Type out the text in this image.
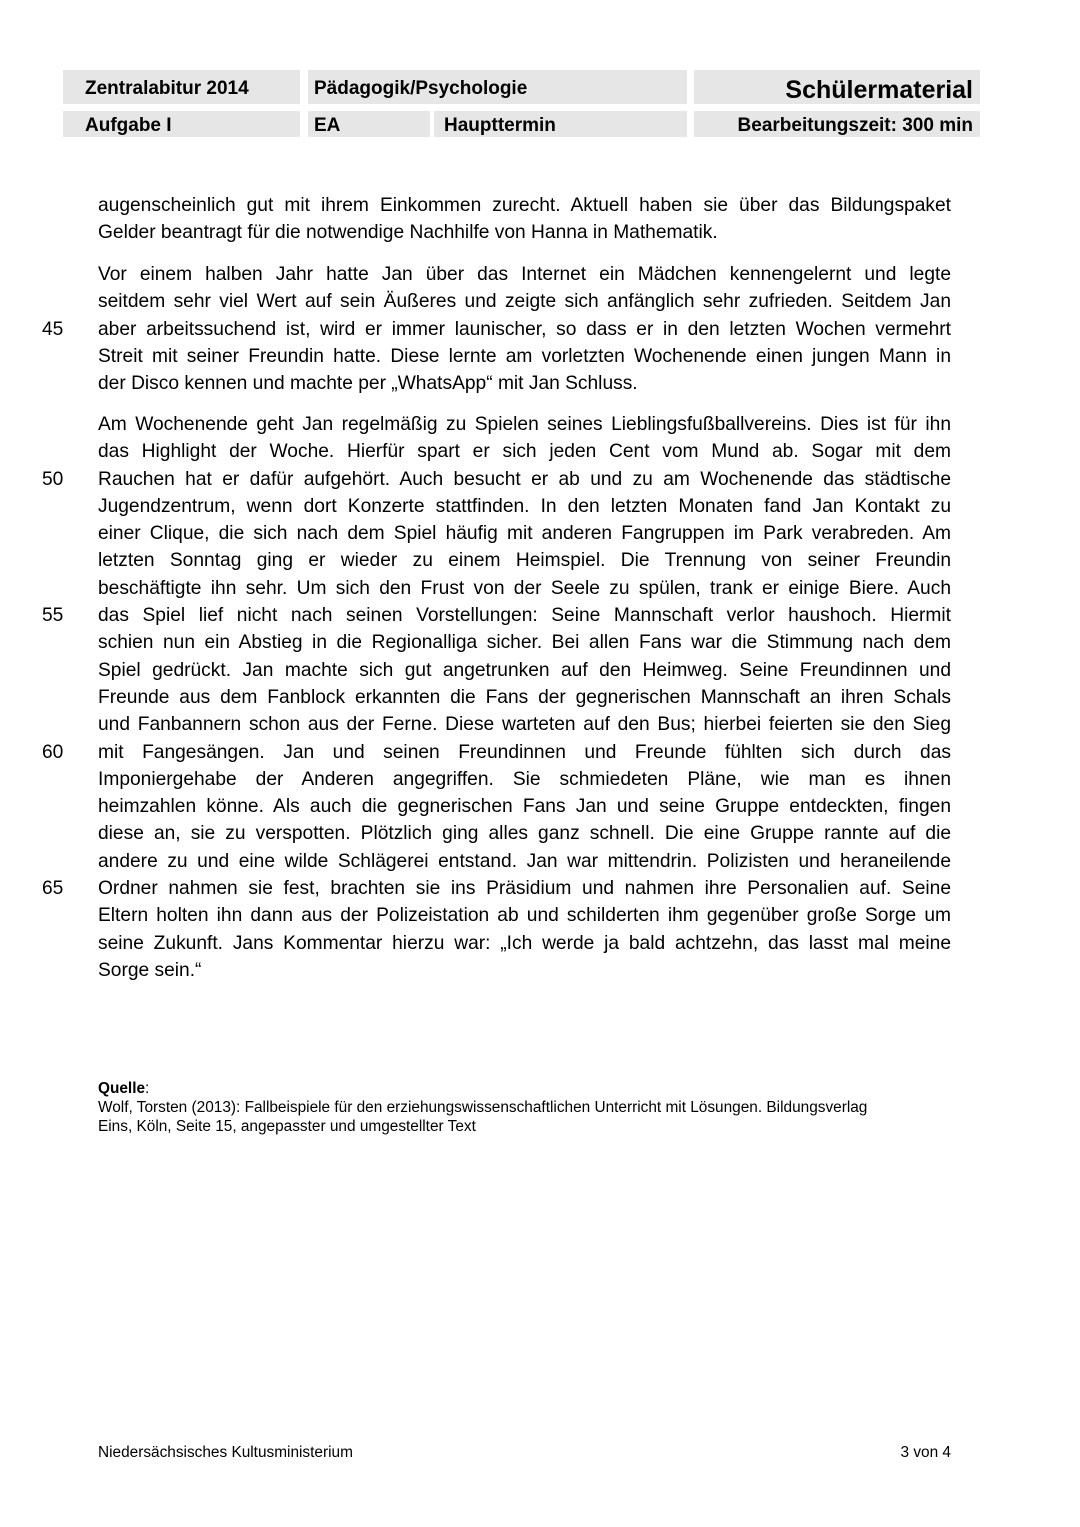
Zentralabitur 2014	Pädagogik/Psychologie	Schülermaterial
Aufgabe I	EA	Haupttermin	Bearbeitungszeit: 300 min
augenscheinlich gut mit ihrem Einkommen zurecht. Aktuell haben sie über das Bildungspaket
Gelder beantragt für die notwendige Nachhilfe von Hanna in Mathematik.
Vor einem halben Jahr hatte Jan über das Internet ein Mädchen kennengelernt und legte
seitdem sehr viel Wert auf sein Äußeres und zeigte sich anfänglich sehr zufrieden. Seitdem Jan
aber arbeitssuchend ist, wird er immer launischer, so dass er in den letzten Wochen vermehrt
Streit mit seiner Freundin hatte. Diese lernte am vorletzten Wochenende einen jungen Mann in
der Disco kennen und machte per „WhatsApp“ mit Jan Schluss.
Am Wochenende geht Jan regelmäßig zu Spielen seines Lieblingsfußballvereins. Dies ist für ihn
das Highlight der Woche. Hierfür spart er sich jeden Cent vom Mund ab. Sogar mit dem
Rauchen hat er dafür aufgehört. Auch besucht er ab und zu am Wochenende das städtische
Jugendzentrum, wenn dort Konzerte stattfinden. In den letzten Monaten fand Jan Kontakt zu
einer Clique, die sich nach dem Spiel häufig mit anderen Fangruppen im Park verabreden. Am
letzten Sonntag ging er wieder zu einem Heimspiel. Die Trennung von seiner Freundin
beschäftigte ihn sehr. Um sich den Frust von der Seele zu spülen, trank er einige Biere. Auch
das Spiel lief nicht nach seinen Vorstellungen: Seine Mannschaft verlor haushoch. Hiermit
schien nun ein Abstieg in die Regionalliga sicher. Bei allen Fans war die Stimmung nach dem
Spiel gedrückt. Jan machte sich gut angetrunken auf den Heimweg. Seine Freundinnen und
Freunde aus dem Fanblock erkannten die Fans der gegnerischen Mannschaft an ihren Schals
und Fanbannern schon aus der Ferne. Diese warteten auf den Bus; hierbei feierten sie den Sieg
mit Fangesängen. Jan und seinen Freundinnen und Freunde fühlten sich durch das
Imponiergehabe der Anderen angegriffen. Sie schmiedeten Pläne, wie man es ihnen
heimzahlen könne. Als auch die gegnerischen Fans Jan und seine Gruppe entdeckten, fingen
diese an, sie zu verspotten. Plötzlich ging alles ganz schnell. Die eine Gruppe rannte auf die
andere zu und eine wilde Schlägerei entstand. Jan war mittendrin. Polizisten und heraneilende
Ordner nahmen sie fest, brachten sie ins Präsidium und nahmen ihre Personalien auf. Seine
Eltern holten ihn dann aus der Polizeistation ab und schilderten ihm gegenüber große Sorge um
seine Zukunft. Jans Kommentar hierzu war: „Ich werde ja bald achtzehn, das lasst mal meine
Sorge sein.“
45
50
55
60
65
Quelle:
Wolf, Torsten (2013): Fallbeispiele für den erziehungswissenschaftlichen Unterricht mit Lösungen. Bildungsverlag
Eins, Köln, Seite 15, angepasster und umgestellter Text
Niedersächsisches Kultusministerium	3 von 4
